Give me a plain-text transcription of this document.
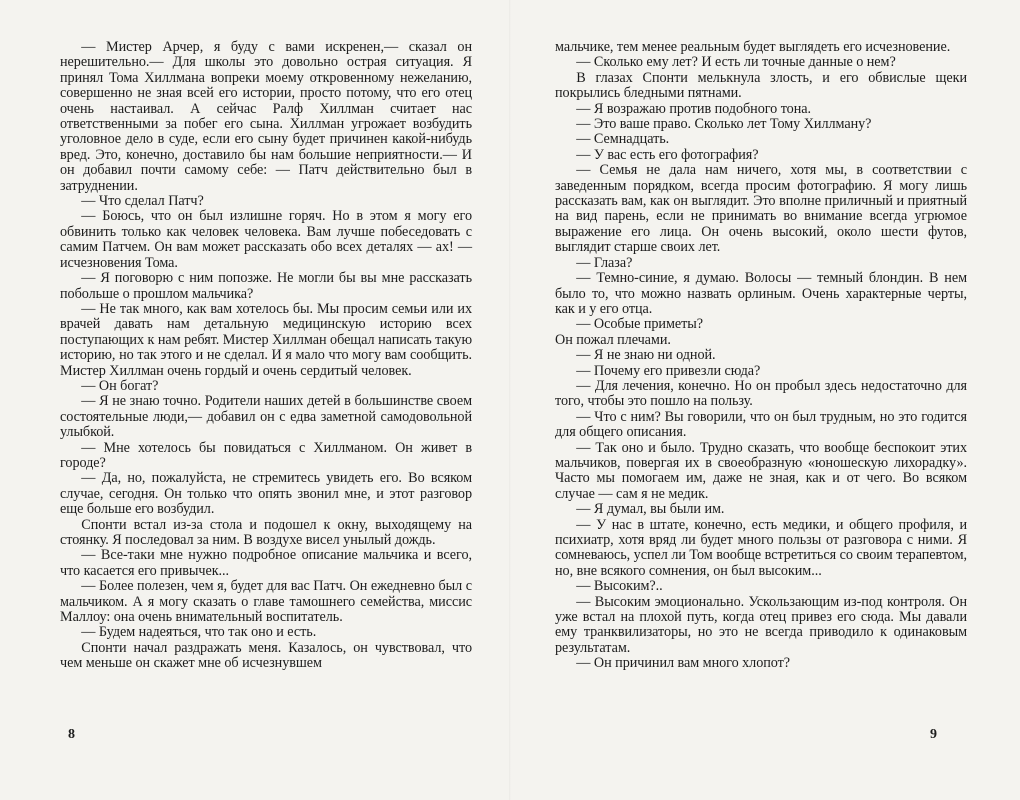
— Мистер Арчер, я буду с вами искренен,— сказал он нерешительно.— Для школы это довольно острая ситуация. Я принял Тома Хиллмана вопреки моему откровенному нежеланию, совершенно не зная всей его истории, просто потому, что его отец очень настаивал. А сейчас Ралф Хиллман считает нас ответственными за побег его сына. Хиллман угрожает возбудить уголовное дело в суде, если его сыну будет причинен какой-нибудь вред. Это, конечно, доставило бы нам большие неприятности.— И он добавил почти самому себе: — Патч действительно был в затруднении.

— Что сделал Патч?

— Боюсь, что он был излишне горяч. Но в этом я могу его обвинить только как человек человека. Вам лучше побеседовать с самим Патчем. Он вам может рассказать обо всех деталях — ах! — исчезновения Тома.

— Я поговорю с ним попозже. Не могли бы вы мне рассказать побольше о прошлом мальчика?

— Не так много, как вам хотелось бы. Мы просим семьи или их врачей давать нам детальную медицинскую историю всех поступающих к нам ребят. Мистер Хиллман обещал написать такую историю, но так этого и не сделал. И я мало что могу вам сообщить. Мистер Хиллман очень гордый и очень сердитый человек.

— Он богат?

— Я не знаю точно. Родители наших детей в большинстве своем состоятельные люди,— добавил он с едва заметной самодовольной улыбкой.

— Мне хотелось бы повидаться с Хиллманом. Он живет в городе?

— Да, но, пожалуйста, не стремитесь увидеть его. Во всяком случае, сегодня. Он только что опять звонил мне, и этот разговор еще больше его возбудил.

Спонти встал из-за стола и подошел к окну, выходящему на стоянку. Я последовал за ним. В воздухе висел унылый дождь.

— Все-таки мне нужно подробное описание мальчика и всего, что касается его привычек...

— Более полезен, чем я, будет для вас Патч. Он ежедневно был с мальчиком. А я могу сказать о главе тамошнего семейства, миссис Маллоу: она очень внимательный воспитатель.

— Будем надеяться, что так оно и есть.

Спонти начал раздражать меня. Казалось, он чувствовал, что чем меньше он скажет мне об исчезнувшем

8

мальчике, тем менее реальным будет выглядеть его исчезновение.

— Сколько ему лет? И есть ли точные данные о нем?

В глазах Спонти мелькнула злость, и его обвислые щеки покрылись бледными пятнами.

— Я возражаю против подобного тона.

— Это ваше право. Сколько лет Тому Хиллману?

— Семнадцать.

— У вас есть его фотография?

— Семья не дала нам ничего, хотя мы, в соответствии с заведенным порядком, всегда просим фотографию. Я могу лишь рассказать вам, как он выглядит. Это вполне приличный и приятный на вид парень, если не принимать во внимание всегда угрюмое выражение его лица. Он очень высокий, около шести футов, выглядит старше своих лет.

— Глаза?

— Темно-синие, я думаю. Волосы — темный блондин. В нем было то, что можно назвать орлиным. Очень характерные черты, как и у его отца.

— Особые приметы?

Он пожал плечами.

— Я не знаю ни одной.

— Почему его привезли сюда?

— Для лечения, конечно. Но он пробыл здесь недостаточно для того, чтобы это пошло на пользу.

— Что с ним? Вы говорили, что он был трудным, но это годится для общего описания.

— Так оно и было. Трудно сказать, что вообще беспокоит этих мальчиков, повергая их в своеобразную «юношескую лихорадку». Часто мы помогаем им, даже не зная, как и от чего. Во всяком случае — сам я не медик.

— Я думал, вы были им.

— У нас в штате, конечно, есть медики, и общего профиля, и психиатр, хотя вряд ли будет много пользы от разговора с ними. Я сомневаюсь, успел ли Том вообще встретиться со своим терапевтом, но, вне всякого сомнения, он был высоким...

— Высоким?..

— Высоким эмоционально. Ускользающим из-под контроля. Он уже встал на плохой путь, когда отец привез его сюда. Мы давали ему транквилизаторы, но это не всегда приводило к одинаковым результатам.

— Он причинил вам много хлопот?

9
